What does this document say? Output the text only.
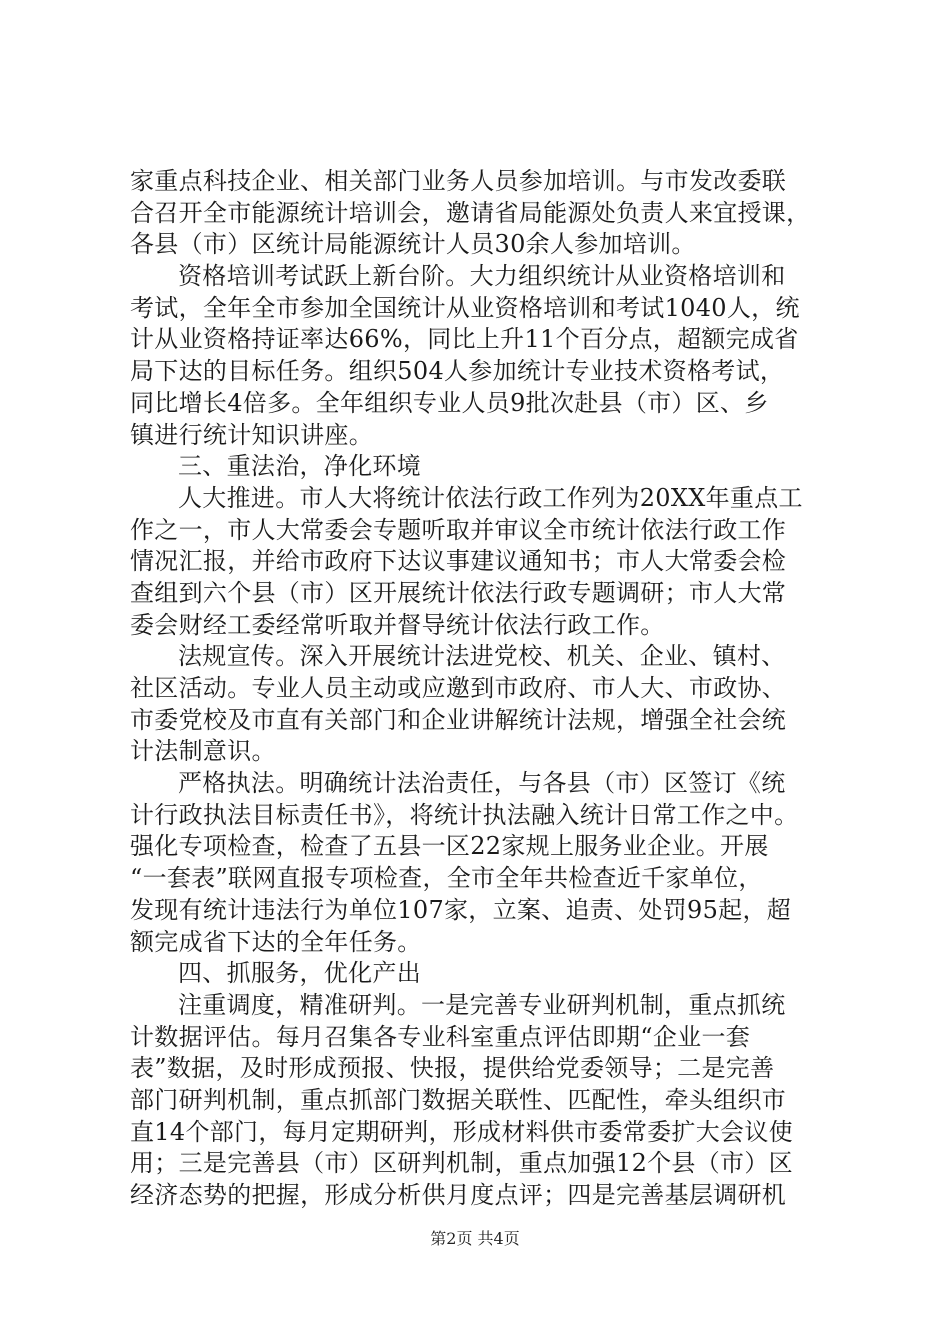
家重点科技企业、相关部门业务人员参加培训。与市发改委联
合召开全市能源统计培训会，邀请省局能源处负责人来宜授课，
各县（市）区统计局能源统计人员30余人参加培训。
资格培训考试跃上新台阶。大力组织统计从业资格培训和
考试，全年全市参加全国统计从业资格培训和考试1040人，统
计从业资格持证率达66%，同比上升11个百分点，超额完成省
局下达的目标任务。组织504人参加统计专业技术资格考试，
同比增长4倍多。全年组织专业人员9批次赴县（市）区、乡
镇进行统计知识讲座。
三、重法治，净化环境
人大推进。市人大将统计依法行政工作列为20XX年重点工
作之一，市人大常委会专题听取并审议全市统计依法行政工作
情况汇报，并给市政府下达议事建议通知书；市人大常委会检
查组到六个县（市）区开展统计依法行政专题调研；市人大常
委会财经工委经常听取并督导统计依法行政工作。
法规宣传。深入开展统计法进党校、机关、企业、镇村、
社区活动。专业人员主动或应邀到市政府、市人大、市政协、
市委党校及市直有关部门和企业讲解统计法规，增强全社会统
计法制意识。
严格执法。明确统计法治责任，与各县（市）区签订《统
计行政执法目标责任书》，将统计执法融入统计日常工作之中。
强化专项检查，检查了五县一区22家规上服务业企业。开展
“一套表”联网直报专项检查，全市全年共检查近千家单位，
发现有统计违法行为单位107家，立案、追责、处罚95起，超
额完成省下达的全年任务。
四、抓服务，优化产出
注重调度，精准研判。一是完善专业研判机制，重点抓统
计数据评估。每月召集各专业科室重点评估即期“企业一套
表”数据，及时形成预报、快报，提供给党委领导；二是完善
部门研判机制，重点抓部门数据关联性、匹配性，牵头组织市
直14个部门，每月定期研判，形成材料供市委常委扩大会议使
用；三是完善县（市）区研判机制，重点加强12个县（市）区
经济态势的把握，形成分析供月度点评；四是完善基层调研机
第2页 共4页
